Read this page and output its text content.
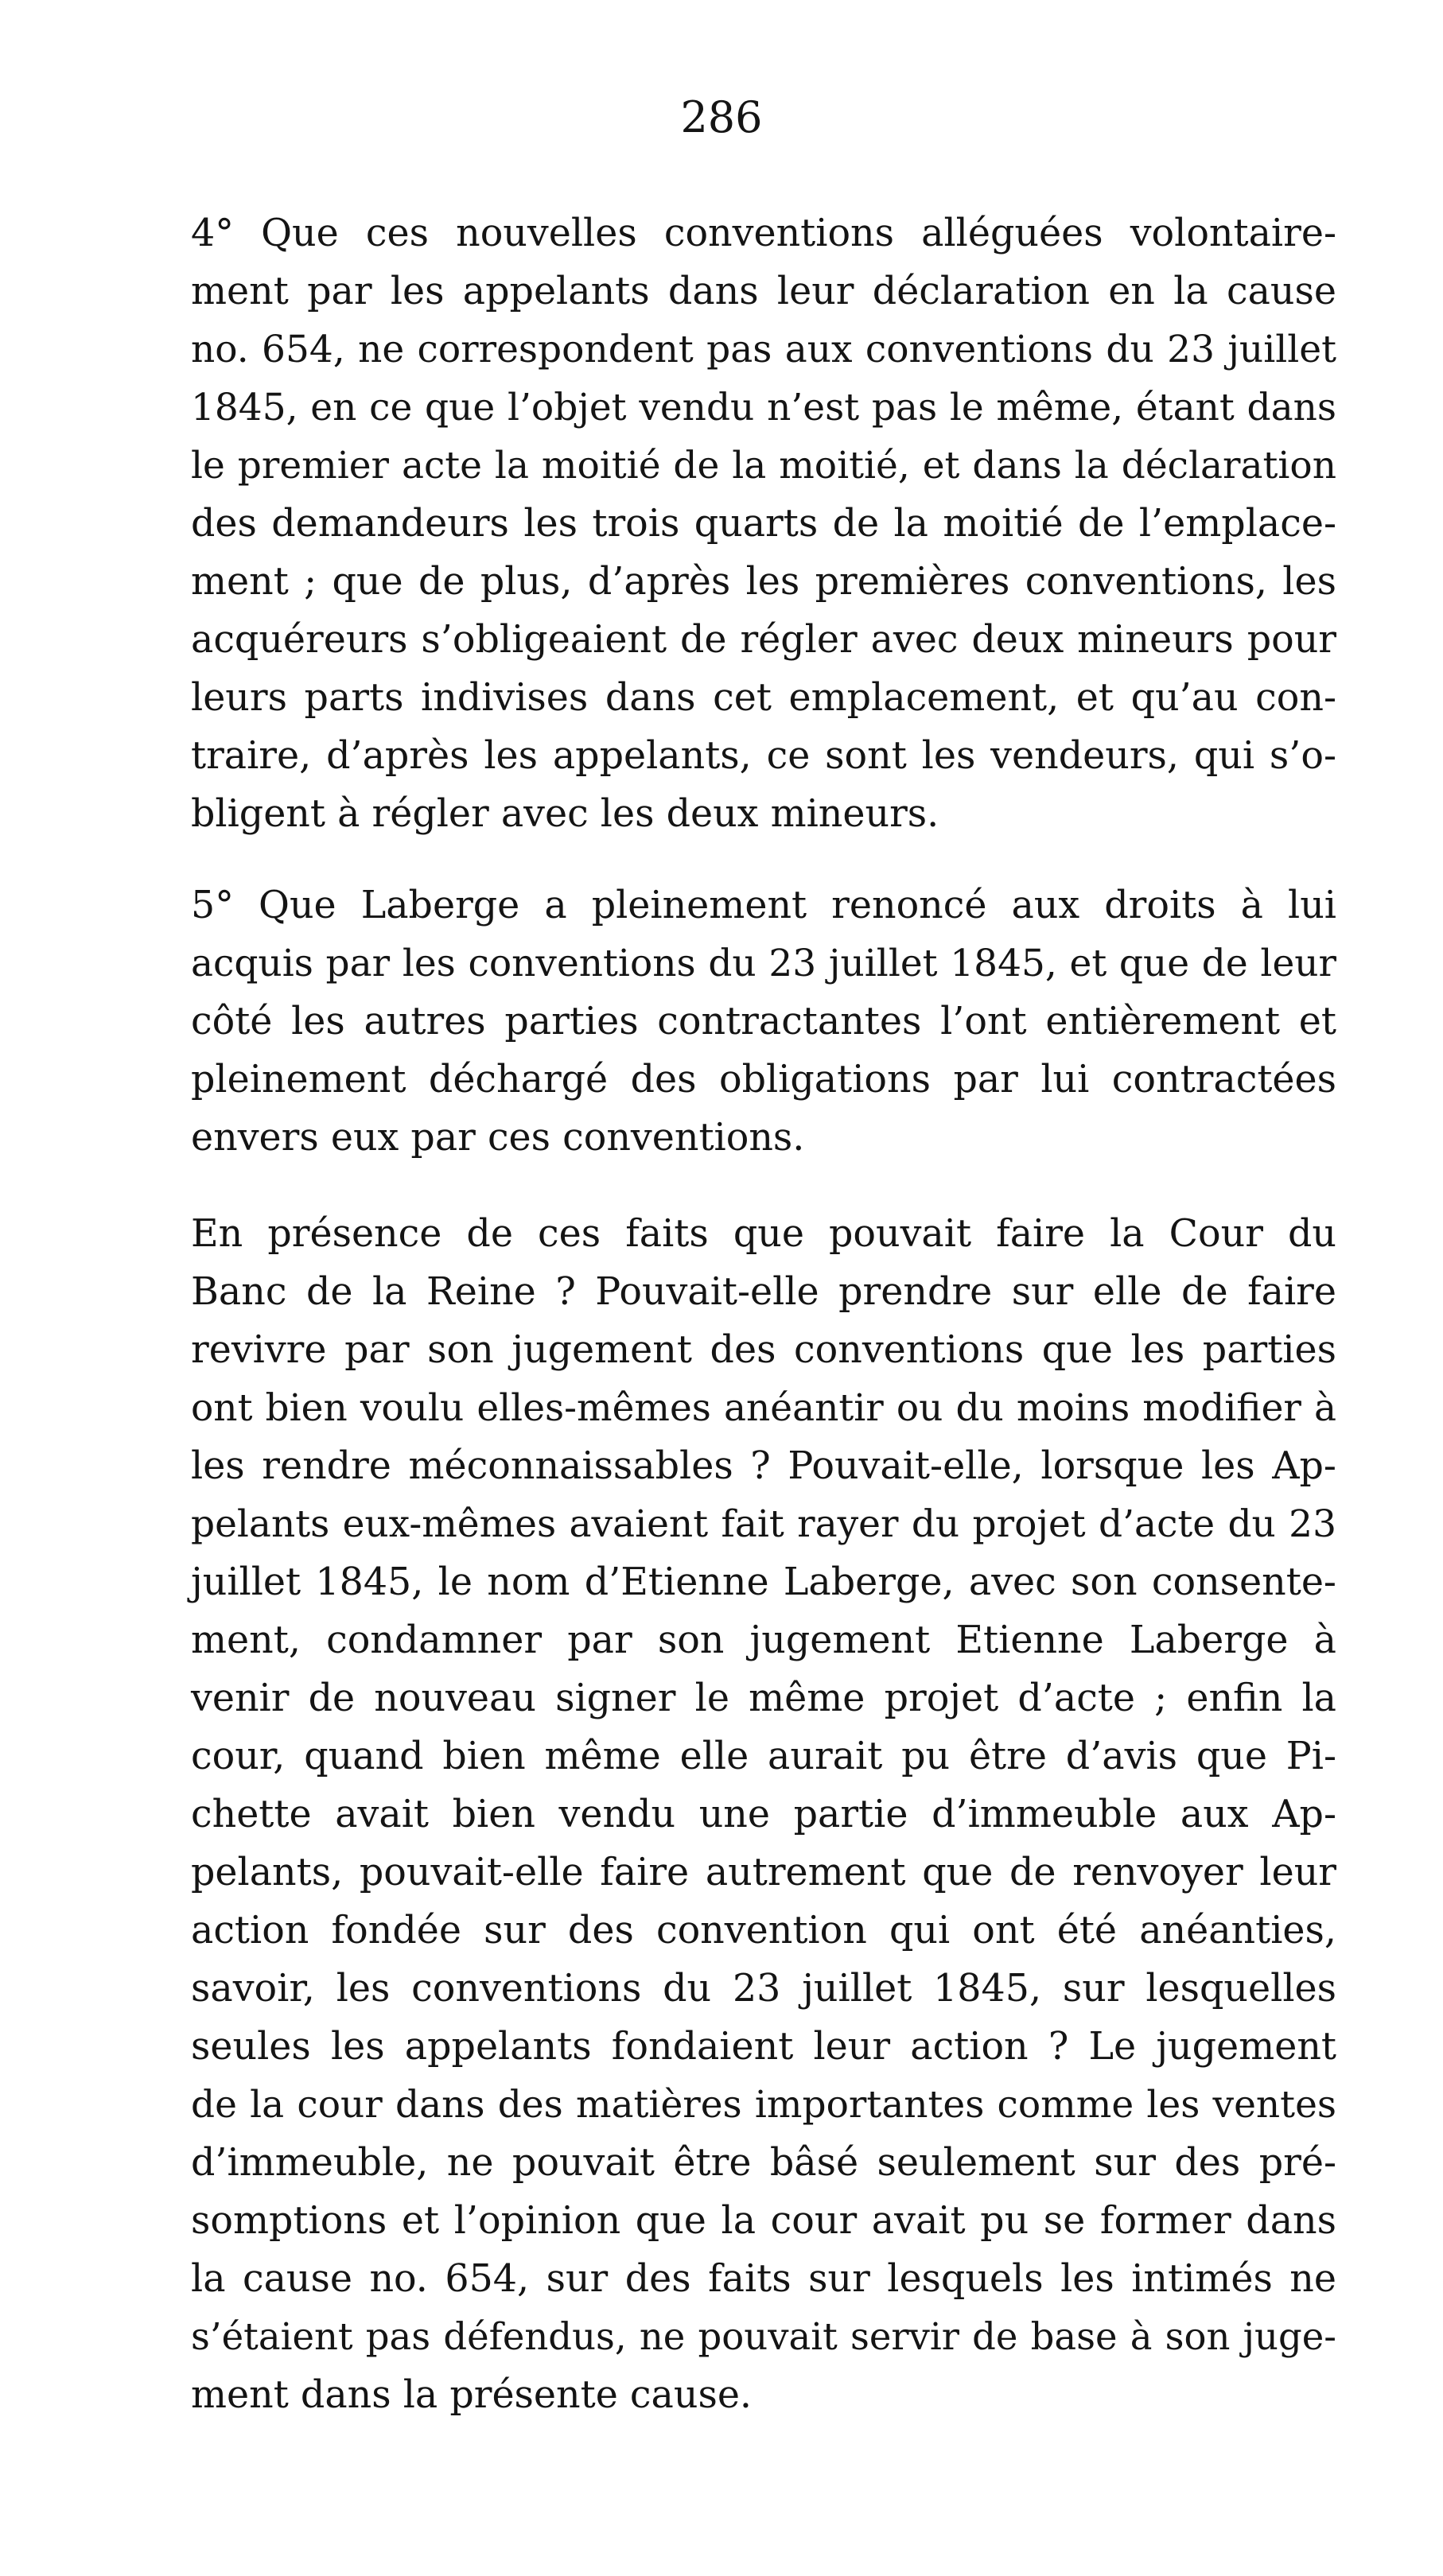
286
4° Que ces nouvelles conventions alléguées volontaire-
ment par les appelants dans leur déclaration en la cause
no. 654, ne correspondent pas aux conventions du 23 juillet
1845, en ce que l’objet vendu n’est pas le même, étant dans
le premier acte la moitié de la moitié, et dans la déclaration
des demandeurs les trois quarts de la moitié de l’emplace-
ment ; que de plus, d’après les premières conventions, les
acquéreurs s’obligeaient de régler avec deux mineurs pour
leurs parts indivises dans cet emplacement, et qu’au con-
traire, d’après les appelants, ce sont les vendeurs, qui s’o-
bligent à régler avec les deux mineurs.
5° Que Laberge a pleinement renoncé aux droits à lui
acquis par les conventions du 23 juillet 1845, et que de leur
côté les autres parties contractantes l’ont entièrement et
pleinement déchargé des obligations par lui contractées
envers eux par ces conventions.
En présence de ces faits que pouvait faire la Cour du
Banc de la Reine ? Pouvait-elle prendre sur elle de faire
revivre par son jugement des conventions que les parties
ont bien voulu elles-mêmes anéantir ou du moins modifier à
les rendre méconnaissables ? Pouvait-elle, lorsque les Ap-
pelants eux-mêmes avaient fait rayer du projet d’acte du 23
juillet 1845, le nom d’Etienne Laberge, avec son consente-
ment, condamner par son jugement Etienne Laberge à
venir de nouveau signer le même projet d’acte ; enfin la
cour, quand bien même elle aurait pu être d’avis que Pi-
chette avait bien vendu une partie d’immeuble aux Ap-
pelants, pouvait-elle faire autrement que de renvoyer leur
action fondée sur des convention qui ont été anéanties,
savoir, les conventions du 23 juillet 1845, sur lesquelles
seules les appelants fondaient leur action ? Le jugement
de la cour dans des matières importantes comme les ventes
d’immeuble, ne pouvait être bâsé seulement sur des pré-
somptions et l’opinion que la cour avait pu se former dans
la cause no. 654, sur des faits sur lesquels les intimés ne
s’étaient pas défendus, ne pouvait servir de base à son juge-
ment dans la présente cause.
